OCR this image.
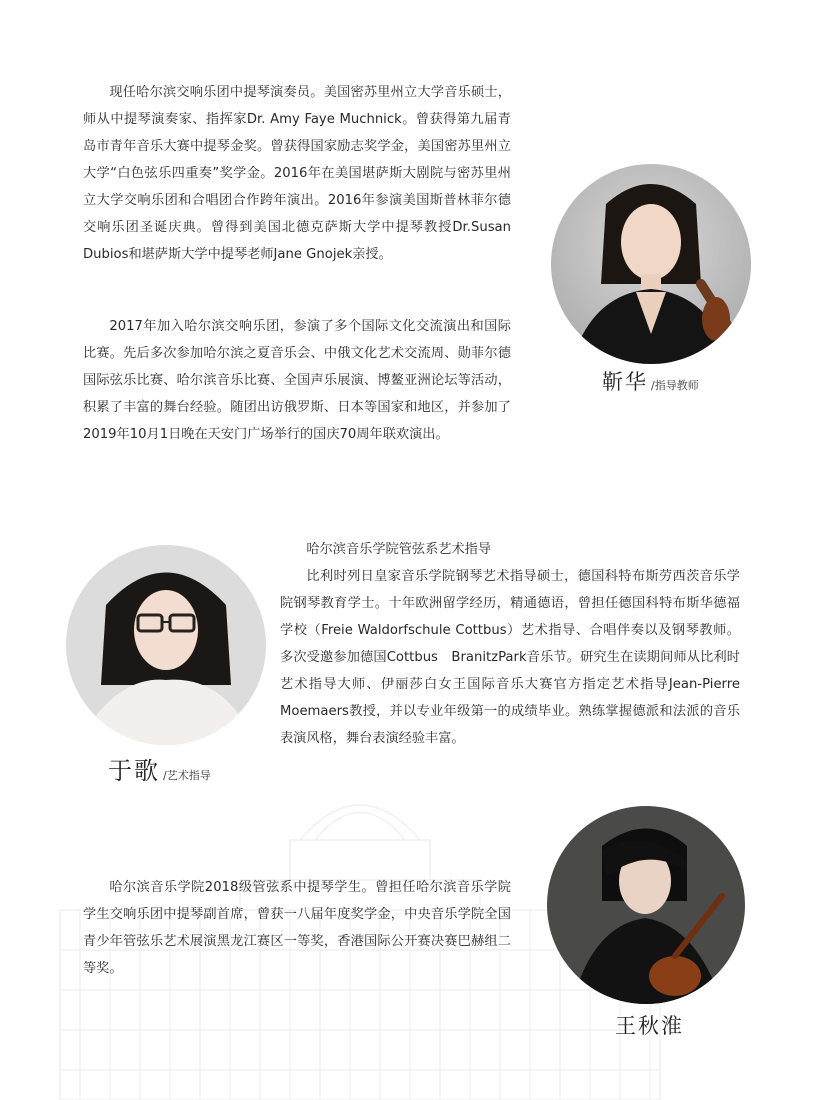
现任哈尔滨交响乐团中提琴演奏员。美国密苏里州立大学音乐硕士，师从中提琴演奏家、指挥家Dr. Amy Faye Muchnick。曾获得第九届青岛市青年音乐大赛中提琴金奖。曾获得国家励志奖学金，美国密苏里州立大学“白色弦乐四重奏”奖学金。2016年在美国堪萨斯大剧院与密苏里州立大学交响乐团和合唱团合作跨年演出。2016年参演美国斯普林菲尔德交响乐团圣诞庆典。曾得到美国北德克萨斯大学中提琴教授Dr.Susan　Dubios和堪萨斯大学中提琴老师Jane Gnojek亲授。

2017年加入哈尔滨交响乐团，参演了多个国际文化交流演出和国际比赛。先后多次参加哈尔滨之夏音乐会、中俄文化艺术交流周、勋菲尔德国际弦乐比赛、哈尔滨音乐比赛、全国声乐展演、博鳌亚洲论坛等活动，积累了丰富的舞台经验。随团出访俄罗斯、日本等国家和地区，并参加了2019年10月1日晚在天安门广场举行的国庆70周年联欢演出。

靳华 /指导教师
于歌 /艺术指导

哈尔滨音乐学院管弦系艺术指导

比利时列日皇家音乐学院钢琴艺术指导硕士，德国科特布斯劳西茨音乐学院钢琴教育学士。十年欧洲留学经历，精通德语，曾担任德国科特布斯华德福学校（Freie Waldorfschule Cottbus）艺术指导、合唱伴奏以及钢琴教师。多次受邀参加德国Cottbus　BranitzPark音乐节。研究生在读期间师从比利时艺术指导大师、伊丽莎白女王国际音乐大赛官方指定艺术指导Jean-Pierre　Moemaers教授，并以专业年级第一的成绩毕业。熟练掌握德派和法派的音乐表演风格，舞台表演经验丰富。

哈尔滨音乐学院2018级管弦系中提琴学生。曾担任哈尔滨音乐学院学生交响乐团中提琴副首席，曾获一八届年度奖学金，中央音乐学院全国青少年管弦乐艺术展演黑龙江赛区一等奖，香港国际公开赛决赛巴赫组二等奖。

王秋淮
